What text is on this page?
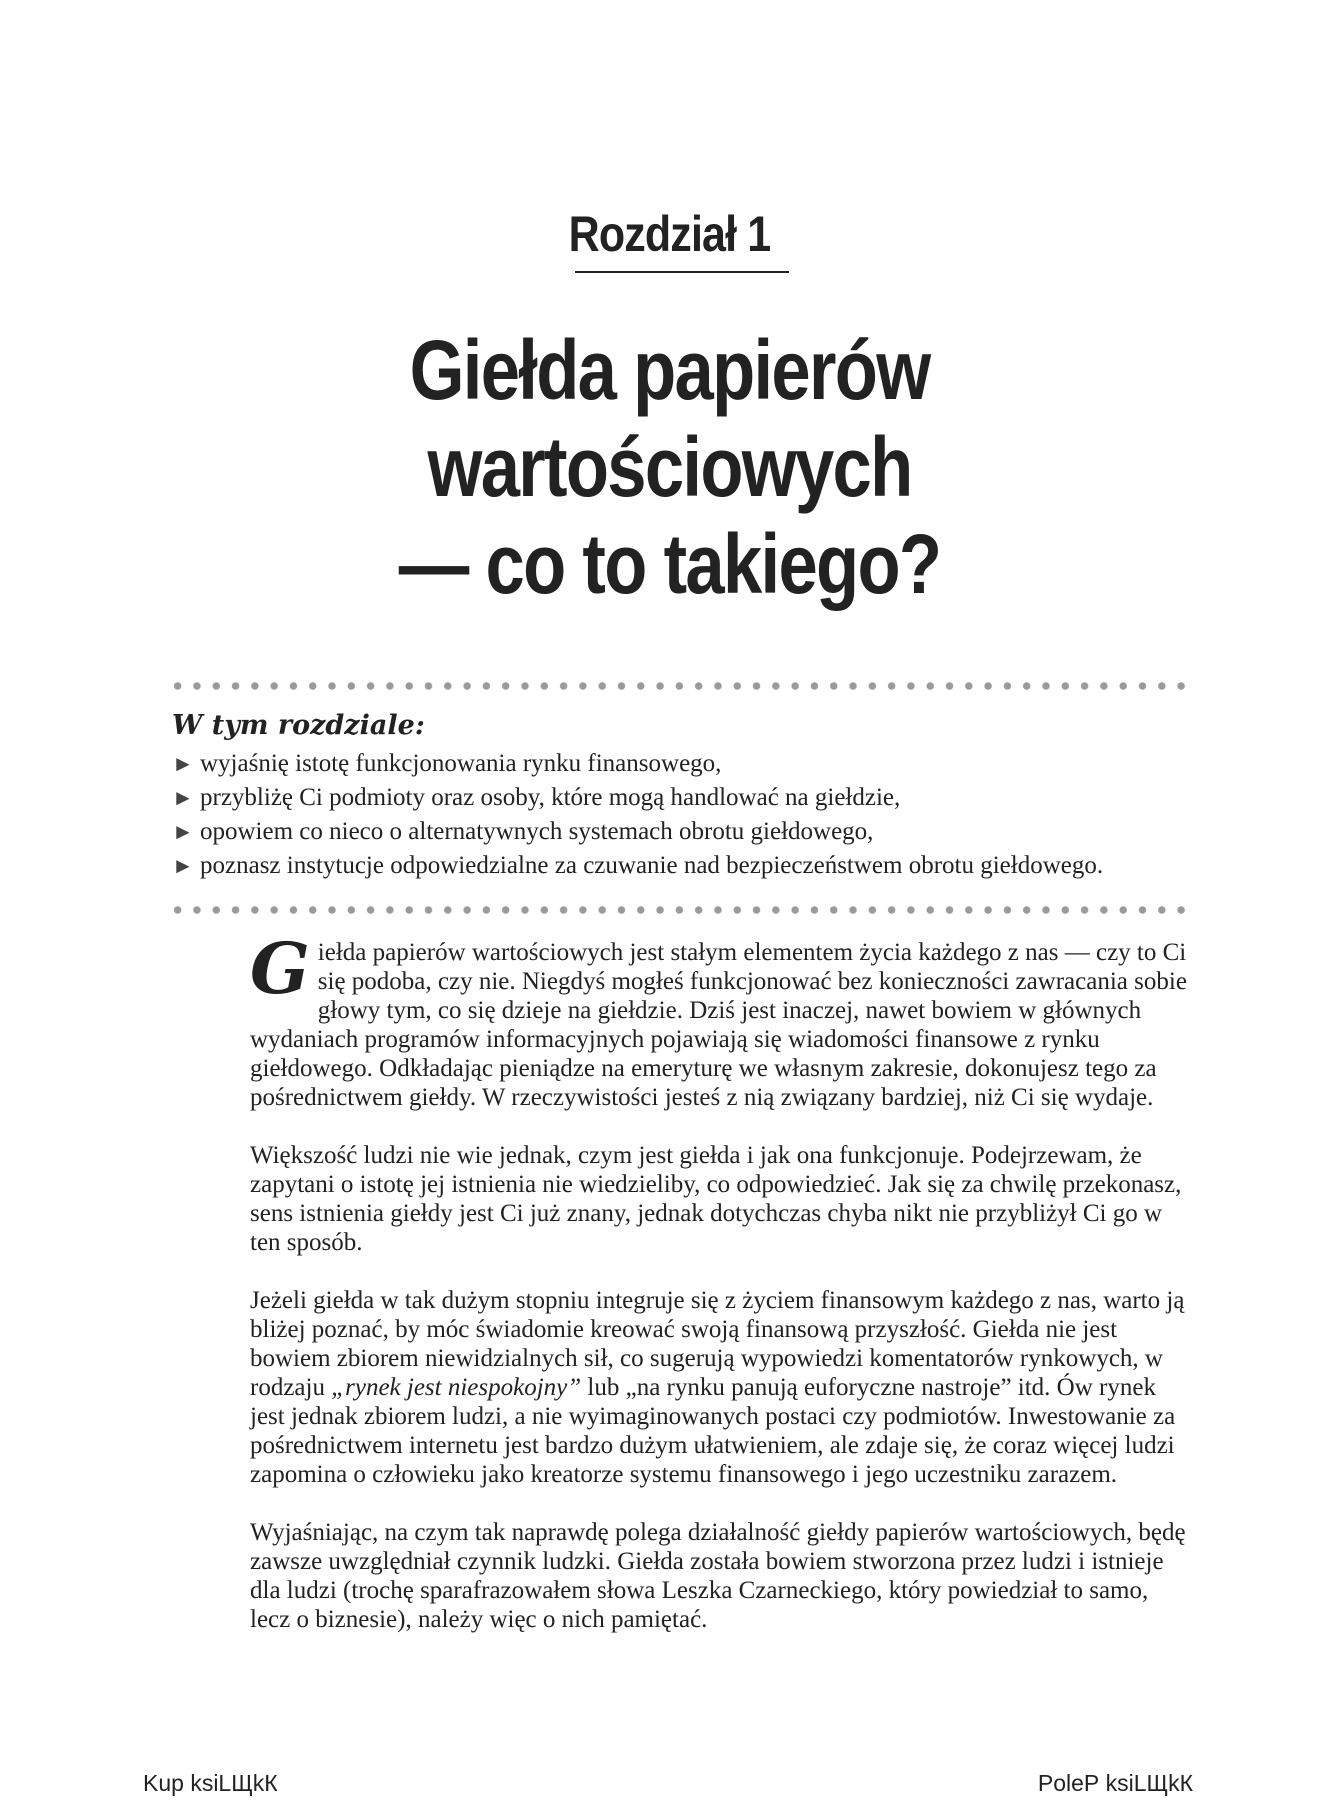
Rozdział 1
Giełda papierów
wartościowych
— co to takiego?
W tym rozdziale:
► wyjaśnię istotę funkcjonowania rynku finansowego,
► przybliżę Ci podmioty oraz osoby, które mogą handlować na giełdzie,
► opowiem co nieco o alternatywnych systemach obrotu giełdowego,
► poznasz instytucje odpowiedzialne za czuwanie nad bezpieczeństwem obrotu giełdowego.

Giełda papierów wartościowych jest stałym elementem życia każdego z nas — czy to Ci się podoba, czy nie. Niegdyś mogłeś funkcjonować bez konieczności zawracania sobie głowy tym, co się dzieje na giełdzie. Dziś jest inaczej, nawet bowiem w głównych wydaniach programów informacyjnych pojawiają się wiadomości finansowe z rynku giełdowego. Odkładając pieniądze na emeryturę we własnym zakresie, dokonujesz tego za pośrednictwem giełdy. W rzeczywistości jesteś z nią związany bardziej, niż Ci się wydaje.

Większość ludzi nie wie jednak, czym jest giełda i jak ona funkcjonuje. Podejrzewam, że zapytani o istotę jej istnienia nie wiedzieliby, co odpowiedzieć. Jak się za chwilę przekonasz, sens istnienia giełdy jest Ci już znany, jednak dotychczas chyba nikt nie przybliżył Ci go w ten sposób.

Jeżeli giełda w tak dużym stopniu integruje się z życiem finansowym każdego z nas, warto ją bliżej poznać, by móc świadomie kreować swoją finansową przyszłość. Giełda nie jest bowiem zbiorem niewidzialnych sił, co sugerują wypowiedzi komentatorów rynkowych, w rodzaju „rynek jest niespokojny” lub „na rynku panują euforyczne nastroje” itd. Ów rynek jest jednak zbiorem ludzi, a nie wyimaginowanych postaci czy podmiotów. Inwestowanie za pośrednictwem internetu jest bardzo dużym ułatwieniem, ale zdaje się, że coraz więcej ludzi zapomina o człowieku jako kreatorze systemu finansowego i jego uczestniku zarazem.

Wyjaśniając, na czym tak naprawdę polega działalność giełdy papierów wartościowych, będę zawsze uwzględniał czynnik ludzki. Giełda została bowiem stworzona przez ludzi i istnieje dla ludzi (trochę sparafrazowałem słowa Leszka Czarneckiego, który powiedział to samo, lecz o biznesie), należy więc o nich pamiętać.

Kup ksiLЩkК	PoleР ksiLЩkК
